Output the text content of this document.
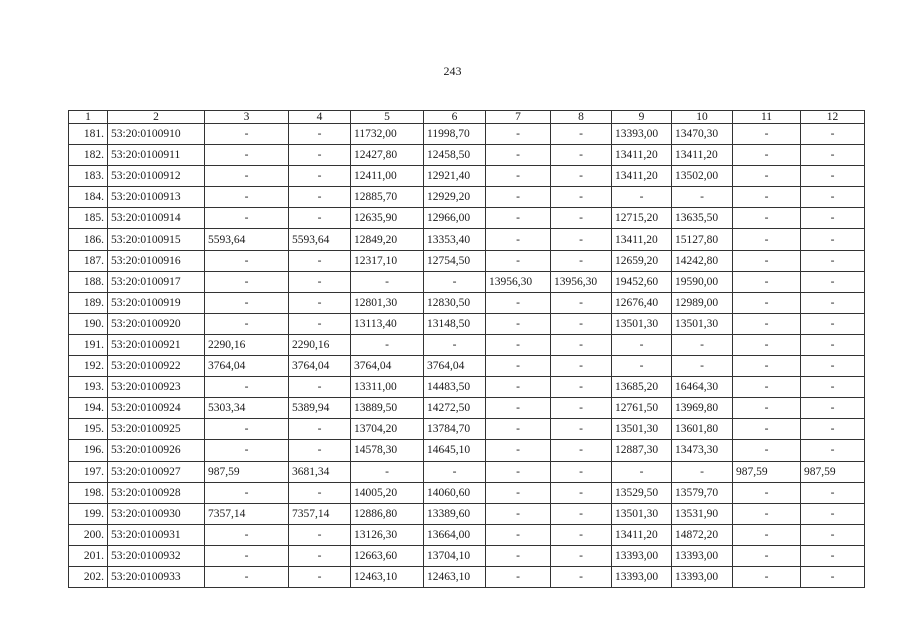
243
1	2	3	4	5	6	7	8	9	10	11	12
181.	53:20:0100910	-	-	11732,00	11998,70	-	-	13393,00	13470,30	-	-
182.	53:20:0100911	-	-	12427,80	12458,50	-	-	13411,20	13411,20	-	-
183.	53:20:0100912	-	-	12411,00	12921,40	-	-	13411,20	13502,00	-	-
184.	53:20:0100913	-	-	12885,70	12929,20	-	-	-	-	-	-
185.	53:20:0100914	-	-	12635,90	12966,00	-	-	12715,20	13635,50	-	-
186.	53:20:0100915	5593,64	5593,64	12849,20	13353,40	-	-	13411,20	15127,80	-	-
187.	53:20:0100916	-	-	12317,10	12754,50	-	-	12659,20	14242,80	-	-
188.	53:20:0100917	-	-	-	-	13956,30	13956,30	19452,60	19590,00	-	-
189.	53:20:0100919	-	-	12801,30	12830,50	-	-	12676,40	12989,00	-	-
190.	53:20:0100920	-	-	13113,40	13148,50	-	-	13501,30	13501,30	-	-
191.	53:20:0100921	2290,16	2290,16	-	-	-	-	-	-	-	-
192.	53:20:0100922	3764,04	3764,04	3764,04	3764,04	-	-	-	-	-	-
193.	53:20:0100923	-	-	13311,00	14483,50	-	-	13685,20	16464,30	-	-
194.	53:20:0100924	5303,34	5389,94	13889,50	14272,50	-	-	12761,50	13969,80	-	-
195.	53:20:0100925	-	-	13704,20	13784,70	-	-	13501,30	13601,80	-	-
196.	53:20:0100926	-	-	14578,30	14645,10	-	-	12887,30	13473,30	-	-
197.	53:20:0100927	987,59	3681,34	-	-	-	-	-	-	987,59	987,59
198.	53:20:0100928	-	-	14005,20	14060,60	-	-	13529,50	13579,70	-	-
199.	53:20:0100930	7357,14	7357,14	12886,80	13389,60	-	-	13501,30	13531,90	-	-
200.	53:20:0100931	-	-	13126,30	13664,00	-	-	13411,20	14872,20	-	-
201.	53:20:0100932	-	-	12663,60	13704,10	-	-	13393,00	13393,00	-	-
202.	53:20:0100933	-	-	12463,10	12463,10	-	-	13393,00	13393,00	-	-
